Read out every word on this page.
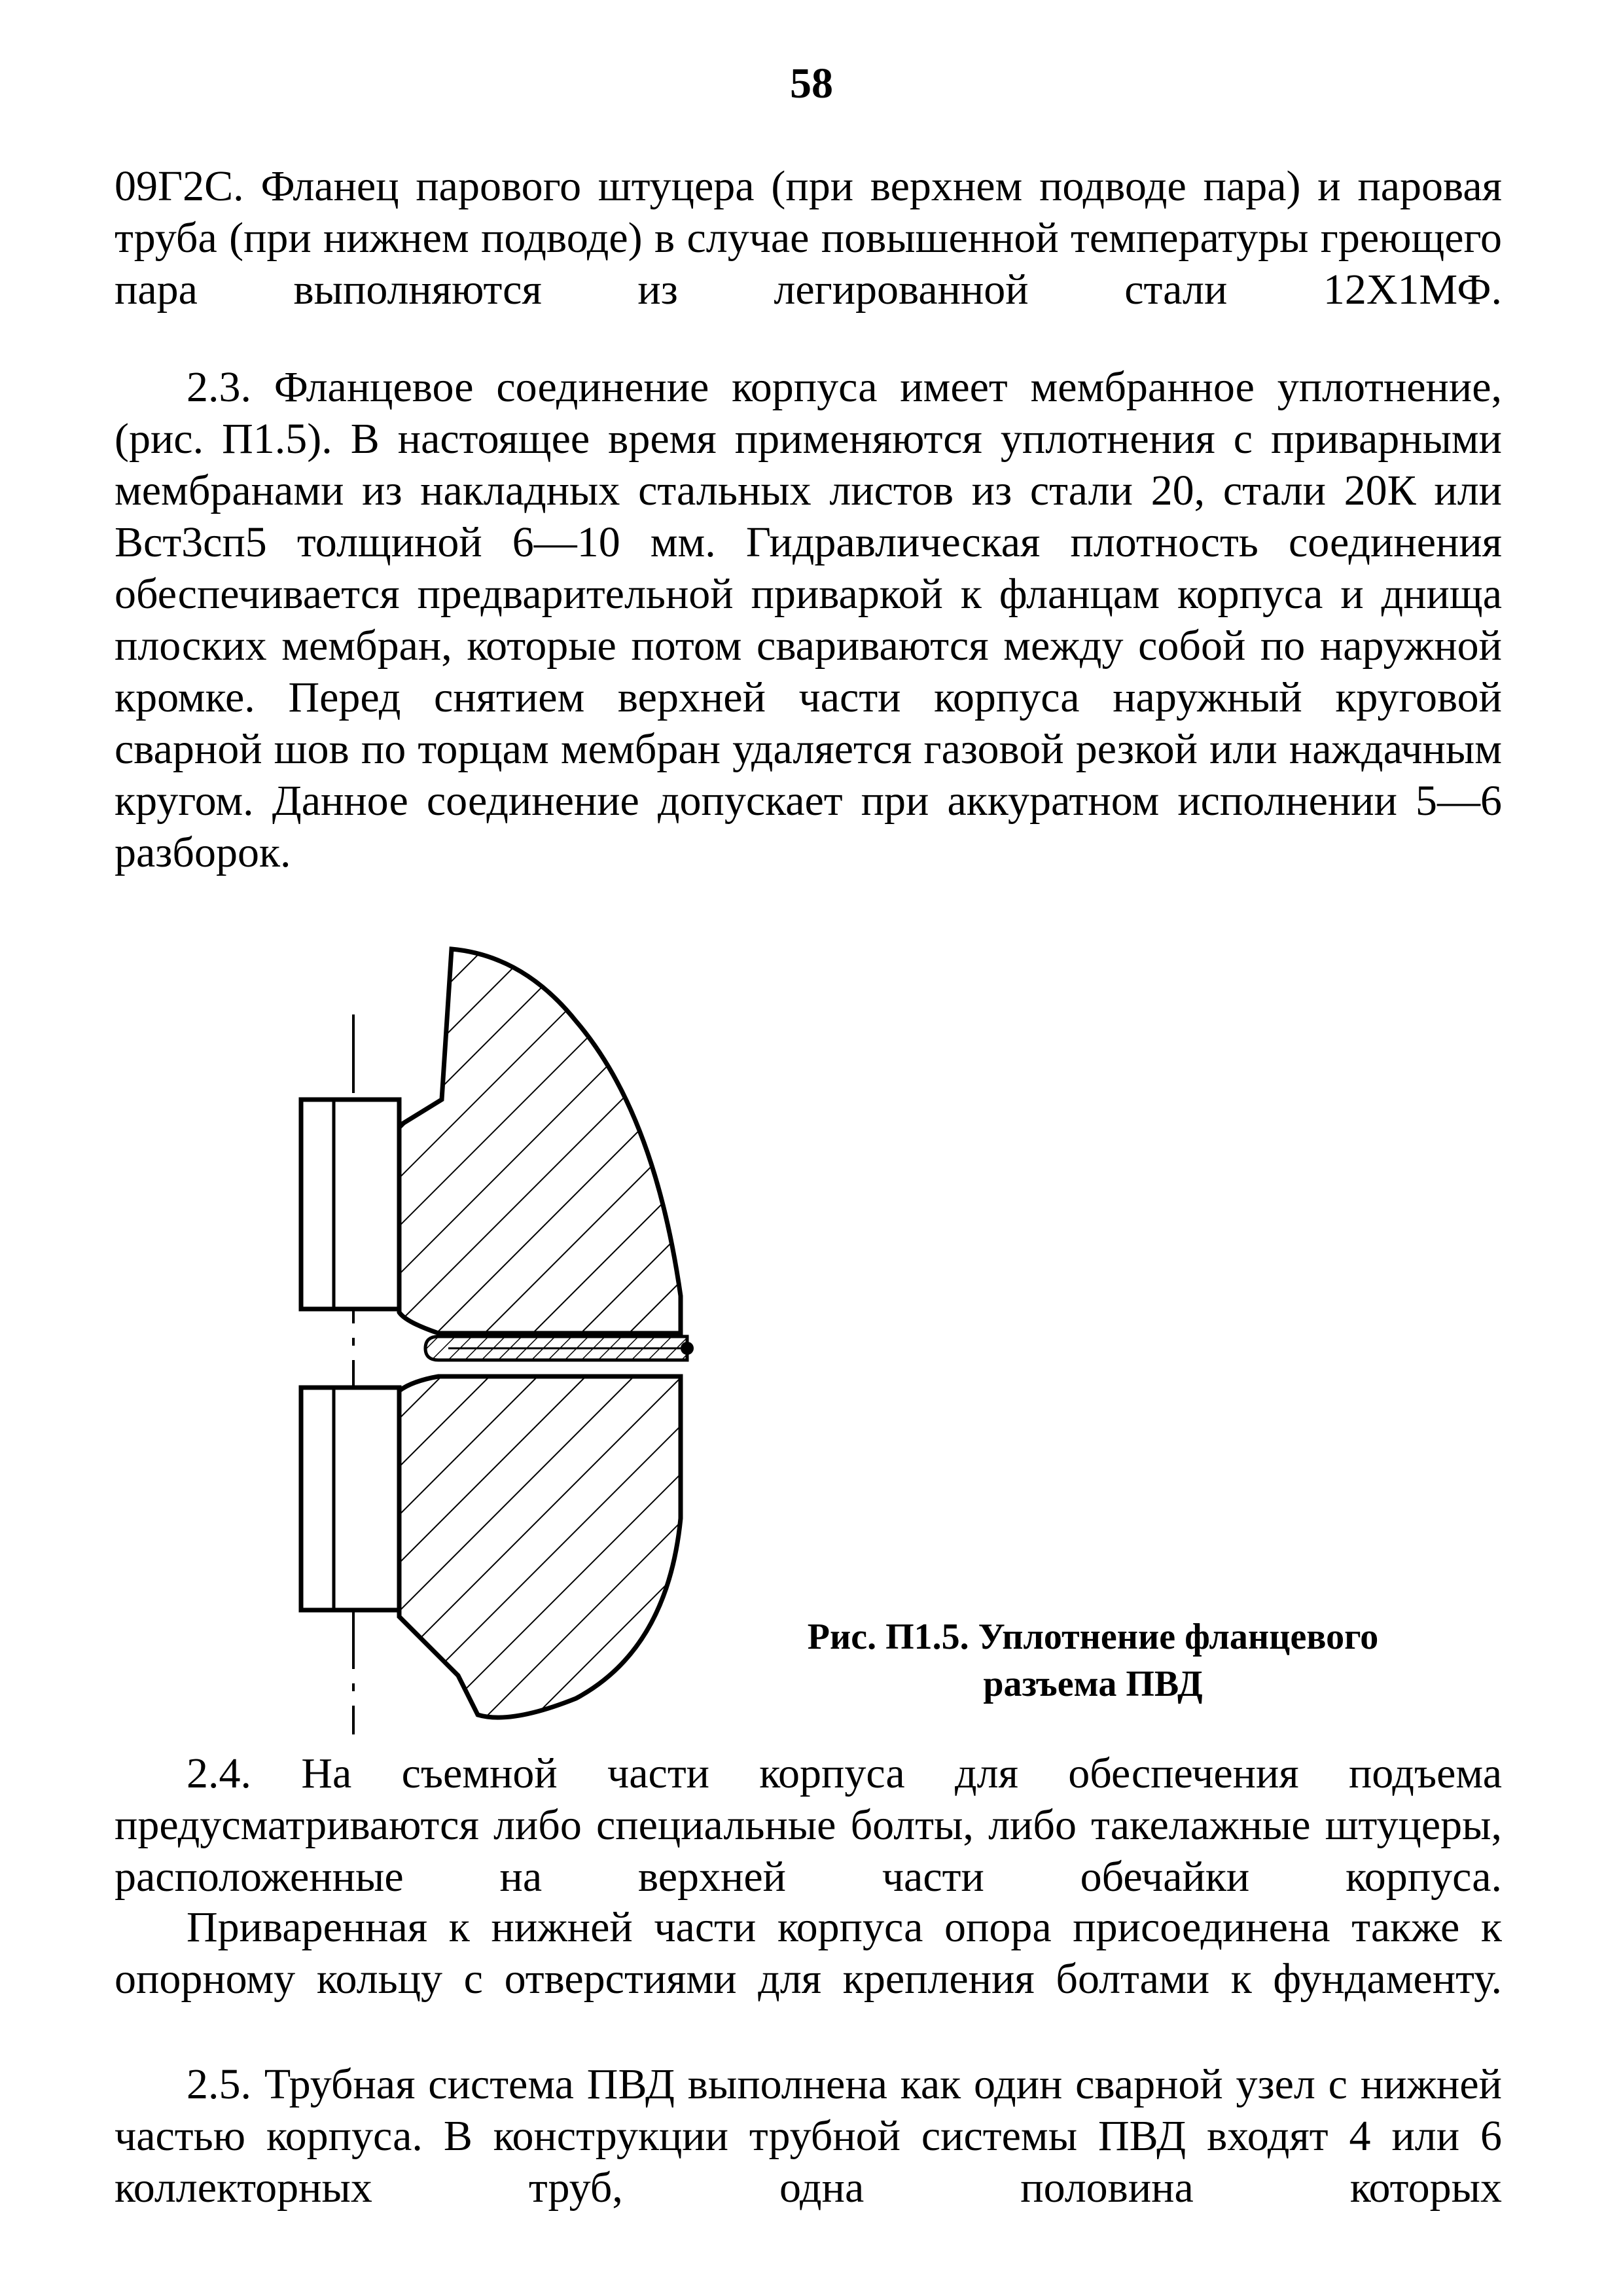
58

09Г2С. Фланец парового штуцера (при верхнем подводе пара) и паровая труба (при нижнем подводе) в случае повышенной температуры греющего пара выполняются из легированной стали 12Х1МФ.

2.3. Фланцевое соединение корпуса имеет мембранное уплотнение, (рис. П1.5). В настоящее время применяются уплотнения с приварными мембранами из накладных стальных листов из стали 20, стали 20К или Вст3сп5 толщиной 6—10 мм. Гидравлическая плотность соединения обеспечивается предварительной приваркой к фланцам корпуса и днища плоских мембран, которые потом свариваются между собой по наружной кромке. Перед снятием верхней части корпуса наружный круговой сварной шов по торцам мембран удаляется газовой резкой или наждачным кругом. Данное соединение допускает при аккуратном исполнении 5—6 разборок.

Рис. П1.5. Уплотнение фланцевого
разъема ПВД

2.4. На съемной части корпуса для обеспечения подъема предусматриваются либо специальные болты, либо такелажные штуцеры, расположенные на верхней части обечайки корпуса.

Приваренная к нижней части корпуса опора присоединена также к опорному кольцу с отверстиями для крепления болтами к фундаменту.

2.5. Трубная система ПВД выполнена как один сварной узел с нижней частью корпуса. В конструкции трубной системы ПВД входят 4 или 6 коллекторных труб, одна половина которых
